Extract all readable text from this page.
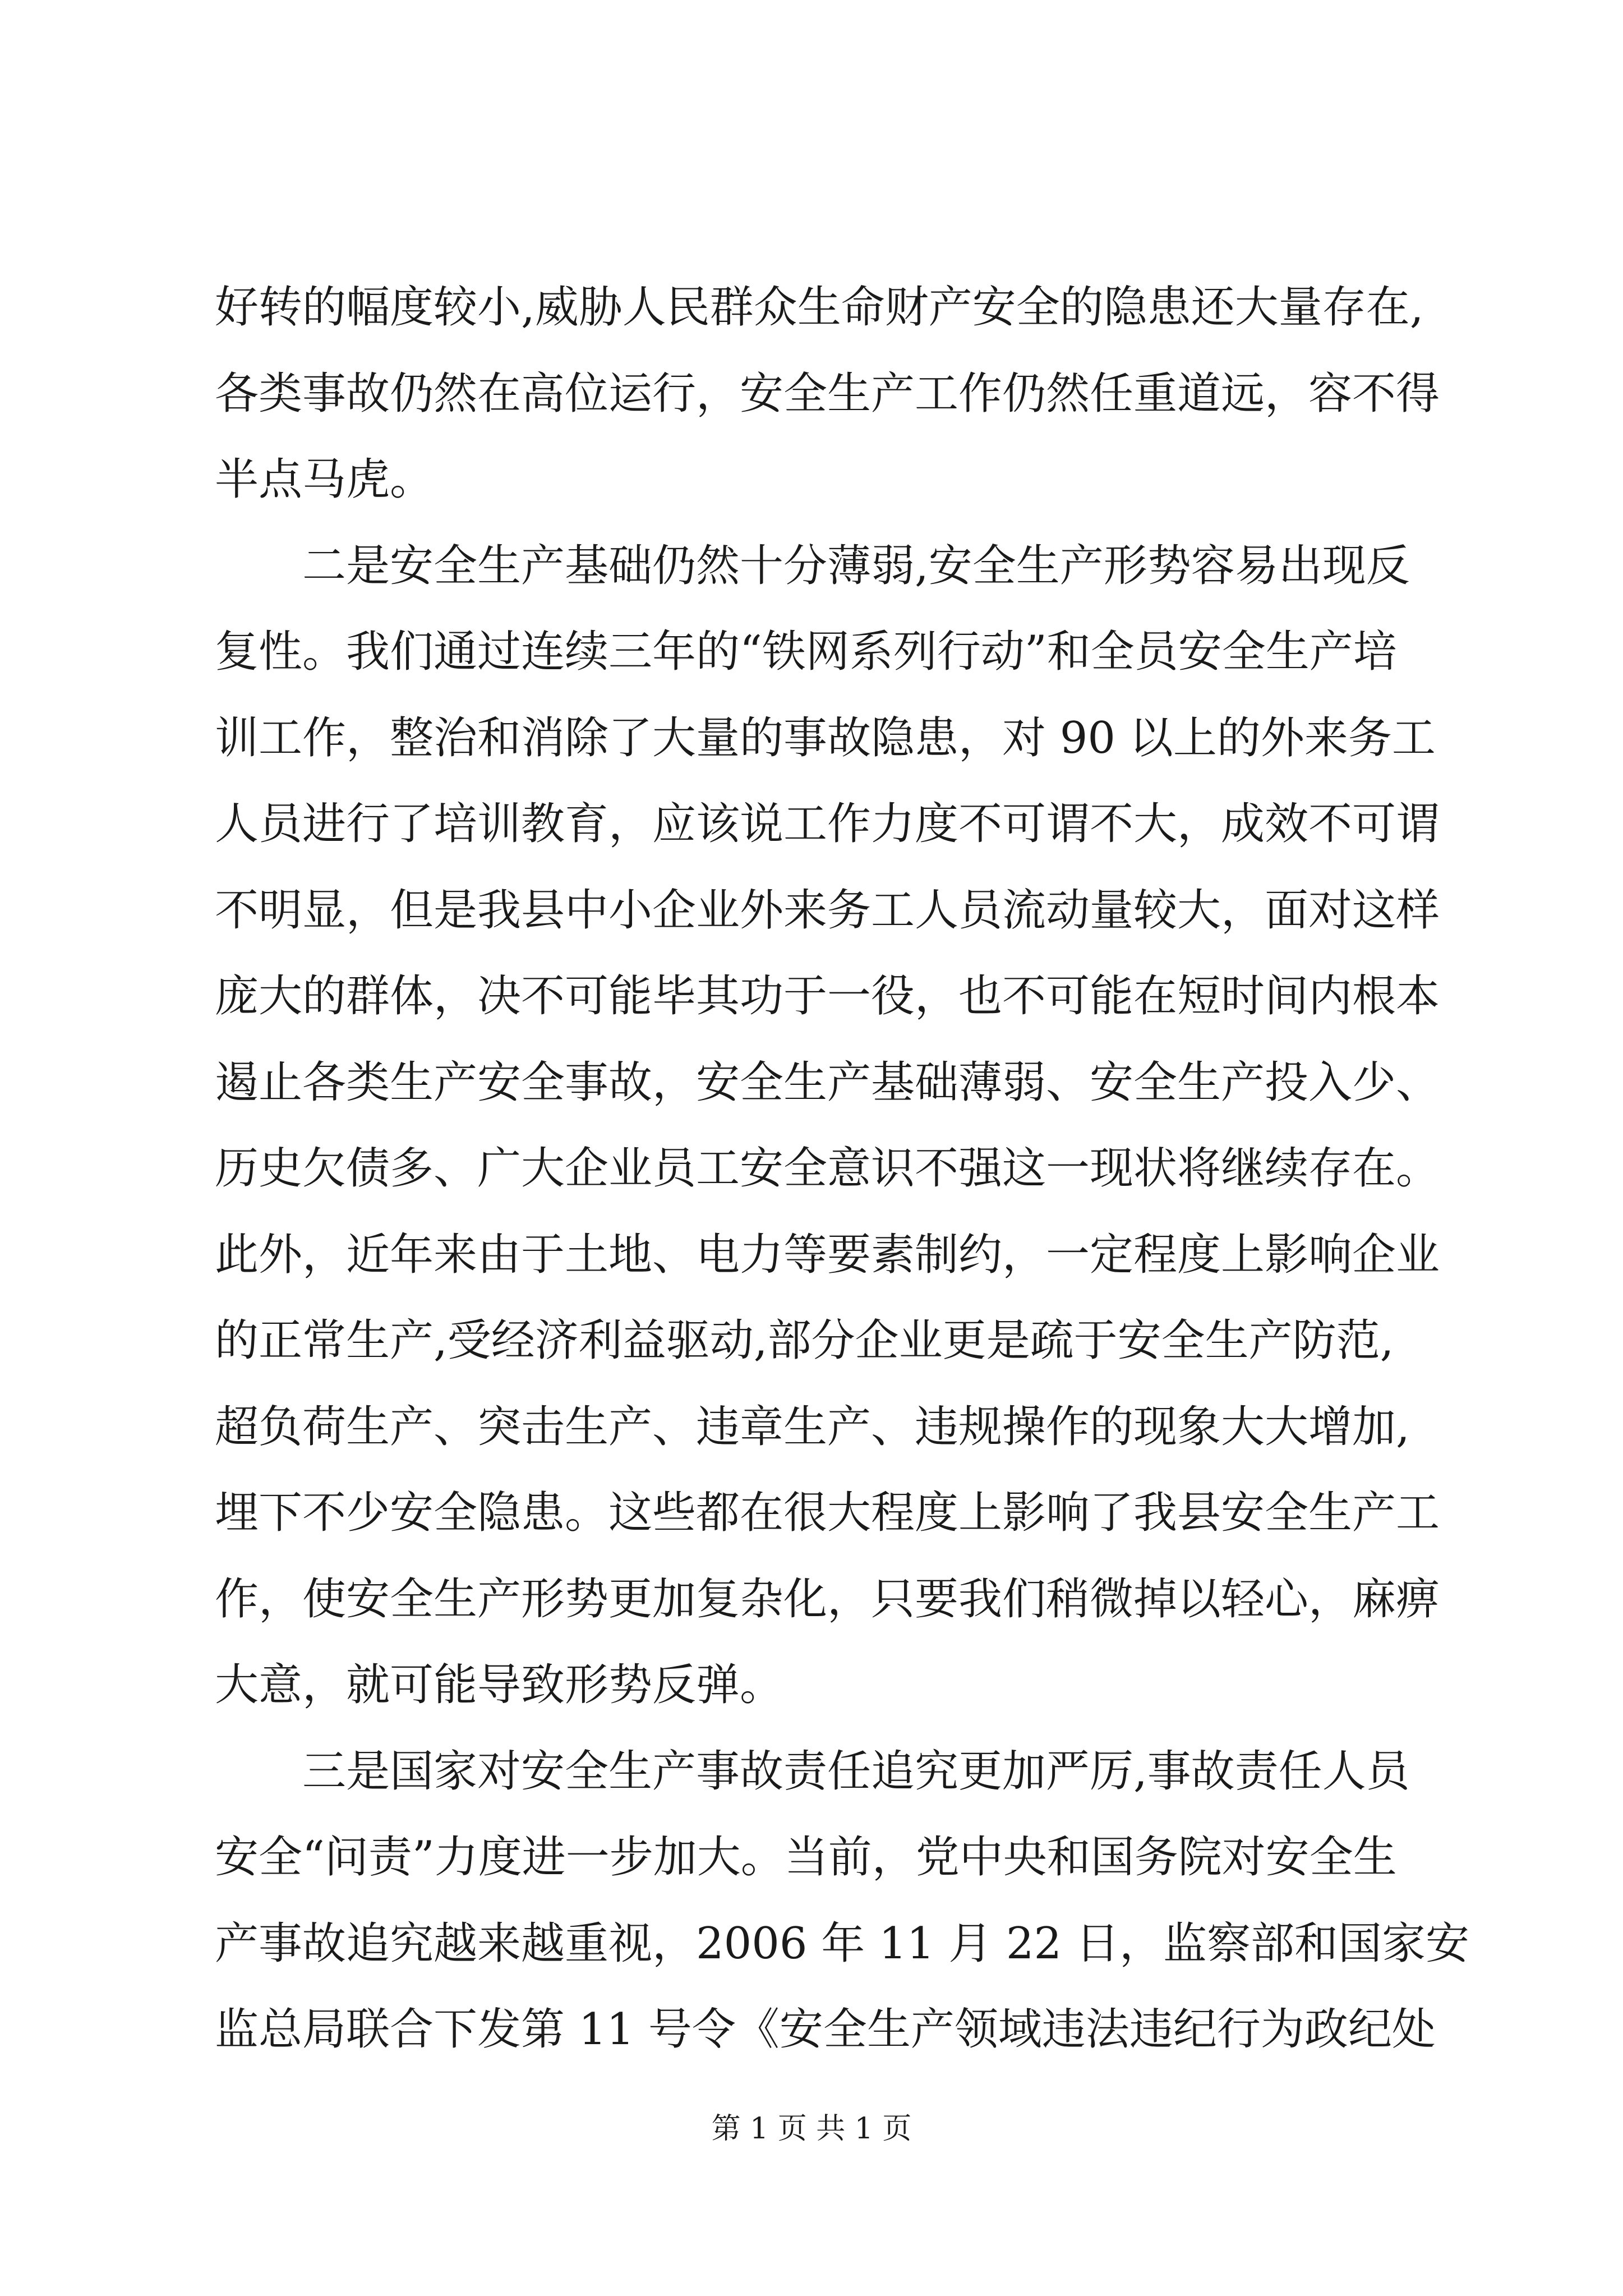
好转的幅度较小,威胁人民群众生命财产安全的隐患还大量存在,
各类事故仍然在高位运行，安全生产工作仍然任重道远，容不得
半点马虎。
　　二是安全生产基础仍然十分薄弱,安全生产形势容易出现反
复性。我们通过连续三年的“铁网系列行动”和全员安全生产培
训工作，整治和消除了大量的事故隐患，对 90 以上的外来务工
人员进行了培训教育，应该说工作力度不可谓不大，成效不可谓
不明显，但是我县中小企业外来务工人员流动量较大，面对这样
庞大的群体，决不可能毕其功于一役，也不可能在短时间内根本
遏止各类生产安全事故，安全生产基础薄弱、安全生产投入少、
历史欠债多、广大企业员工安全意识不强这一现状将继续存在。
此外，近年来由于土地、电力等要素制约，一定程度上影响企业
的正常生产,受经济利益驱动,部分企业更是疏于安全生产防范,
超负荷生产、突击生产、违章生产、违规操作的现象大大增加,
埋下不少安全隐患。这些都在很大程度上影响了我县安全生产工
作，使安全生产形势更加复杂化，只要我们稍微掉以轻心，麻痹
大意，就可能导致形势反弹。
　　三是国家对安全生产事故责任追究更加严厉,事故责任人员
安全“问责”力度进一步加大。当前，党中央和国务院对安全生
产事故追究越来越重视，2006 年 11 月 22 日，监察部和国家安
监总局联合下发第 11 号令《安全生产领域违法违纪行为政纪处
第 1 页 共 1 页
